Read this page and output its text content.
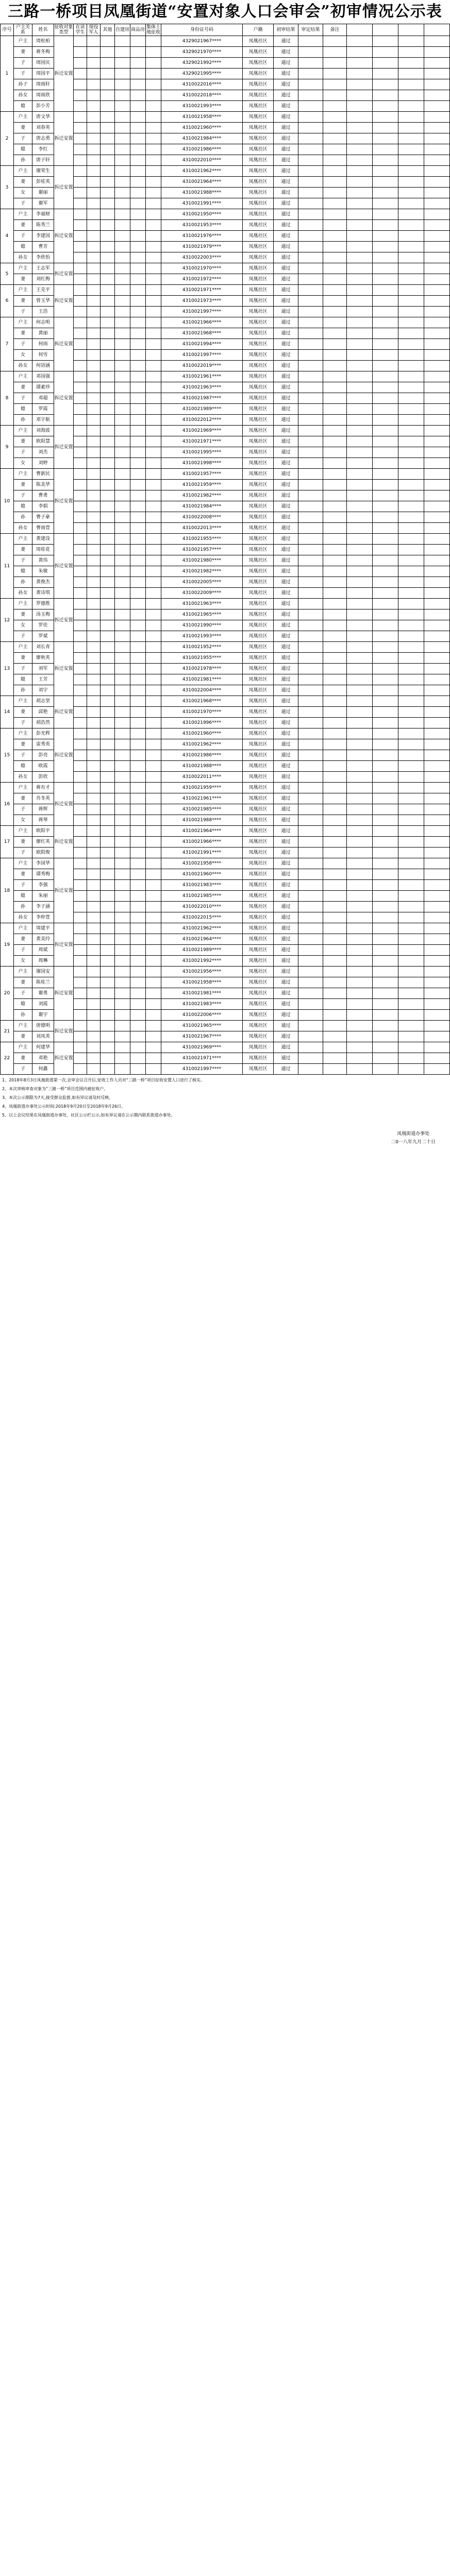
三路一桥项目凤凰街道“安置对象人口会审会”初审情况公示表
序号	户主关系	姓名	征收对象类型	在读学生	现役军人	其他	自建房	商品房	集体土地征收	身份证号码	户籍	初审结果	审定结果	备注				
1	户主	周松柏	拆迁安置							4329021967****	凤凰社区	通过						
	妻	蒋冬梅								4329021970****	凤凰社区	通过						
	子	周国庆								4329021992****	凤凰社区	通过						
	子	周国平								4329021995****	凤凰社区	通过						
	孙子	周雨轩								4310022016****	凤凰社区	通过						
	孙女	周雨欣								4310022018****	凤凰社区	通过						
	媳	彭小芳								4310021993****	凤凰社区	通过						
2	户主	唐文华	拆迁安置							4310021958****	凤凰社区	通过						
	妻	刘春英								4310021960****	凤凰社区	通过						
	子	唐志勇								4310021984****	凤凰社区	通过						
	媳	李红								4310021986****	凤凰社区	通过						
	孙	唐子轩								4310022010****	凤凰社区	通过						
3	户主	谢荣生	拆迁安置							4310021962****	凤凰社区	通过						
	妻	彭桂英								4310021964****	凤凰社区	通过						
	女	谢丽								4310021988****	凤凰社区	通过						
	子	谢军								4310021991****	凤凰社区	通过						
4	户主	李福财	拆迁安置							4310021950****	凤凰社区	通过						
	妻	陈秀兰								4310021953****	凤凰社区	通过						
	子	李建国								4310021976****	凤凰社区	通过						
	媳	曹芳								4310021979****	凤凰社区	通过						
	孙女	李欣怡								4310022003****	凤凰社区	通过						
5	户主	王志军	拆迁安置							4310021970****	凤凰社区	通过						
	妻	刘红梅								4310021972****	凤凰社区	通过						
6	户主	王克平	拆迁安置							4310021971****	凤凰社区	通过						
	妻	曾玉华								4310021973****	凤凰社区	通过						
	子	王浩								4310021997****	凤凰社区	通过						
7	户主	何志明	拆迁安置							4310021966****	凤凰社区	通过						
	妻	黄丽								4310021968****	凤凰社区	通过						
	子	何雨								4310021994****	凤凰社区	通过						
	女	何雪								4310021997****	凤凰社区	通过						
	孙女	何语涵								4310022019****	凤凰社区	通过						
8	户主	邓国强	拆迁安置							4310021961****	凤凰社区	通过						
	妻	谭素珍								4310021963****	凤凰社区	通过						
	子	邓超								4310021987****	凤凰社区	通过						
	媳	罗霞								4310021989****	凤凰社区	通过						
	孙	邓宇航								4310022012****	凤凰社区	通过						
9	户主	刘海波	拆迁安置							4310021969****	凤凰社区	通过						
	妻	欧阳慧								4310021971****	凤凰社区	通过						
	子	刘杰								4310021995****	凤凰社区	通过						
	女	刘婷								4310021998****	凤凰社区	通过						
10	户主	曹新民	拆迁安置							4310021957****	凤凰社区	通过						
	妻	陈美华								4310021959****	凤凰社区	通过						
	子	曹勇								4310021982****	凤凰社区	通过						
	媳	李娟								4310021984****	凤凰社区	通过						
	孙	曹子豪								4310022008****	凤凰社区	通过						
	孙女	曹雨萱								4310022013****	凤凰社区	通过						
11	户主	黄建设	拆迁安置							4310021955****	凤凰社区	通过						
	妻	周桂花								4310021957****	凤凰社区	通过						
	子	黄伟								4310021980****	凤凰社区	通过						
	媳	朱敏								4310021982****	凤凰社区	通过						
	孙	黄俊杰								4310022005****	凤凰社区	通过						
	孙女	黄诗琪								4310022009****	凤凰社区	通过						
12	户主	罗德胜	拆迁安置							4310021963****	凤凰社区	通过						
	妻	汤玉梅								4310021965****	凤凰社区	通过						
	女	罗佳								4310021990****	凤凰社区	通过						
	子	罗斌								4310021993****	凤凰社区	通过						
13	户主	刘长青	拆迁安置							4310021952****	凤凰社区	通过						
	妻	廖秋英								4310021955****	凤凰社区	通过						
	子	刘军								4310021978****	凤凰社区	通过						
	媳	王芳								4310021981****	凤凰社区	通过						
	孙	刘宇								4310022004****	凤凰社区	通过						
14	户主	胡志坚	拆迁安置							4310021968****	凤凰社区	通过						
	妻	邱艳								4310021970****	凤凰社区	通过						
	子	胡浩然								4310021996****	凤凰社区	通过						
15	户主	彭光辉	拆迁安置							4310021960****	凤凰社区	通过						
	妻	雷秀英								4310021962****	凤凰社区	通过						
	子	彭亮								4310021986****	凤凰社区	通过						
	媳	欧霞								4310021988****	凤凰社区	通过						
	孙女	彭欣								4310022011****	凤凰社区	通过						
16	户主	蒋有才	拆迁安置							4310021959****	凤凰社区	通过						
	妻	肖冬英								4310021961****	凤凰社区	通过						
	子	蒋辉								4310021985****	凤凰社区	通过						
	女	蒋琴								4310021988****	凤凰社区	通过						
17	户主	欧阳平	拆迁安置							4310021964****	凤凰社区	通过						
	妻	廖红英								4310021966****	凤凰社区	通过						
	子	欧阳俊								4310021991****	凤凰社区	通过						
18	户主	李国华	拆迁安置							4310021958****	凤凰社区	通过						
	妻	谭秀梅								4310021960****	凤凰社区	通过						
	子	李强								4310021983****	凤凰社区	通过						
	媳	朱丽								4310021985****	凤凰社区	通过						
	孙	李子涵								4310022010****	凤凰社区	通过						
	孙女	李梓萱								4310022015****	凤凰社区	通过						
19	户主	周建平	拆迁安置							4310021962****	凤凰社区	通过						
	妻	黄美玲								4310021964****	凤凰社区	通过						
	子	周斌								4310021989****	凤凰社区	通过						
	女	周琳								4310021992****	凤凰社区	通过						
20	户主	谢国安	拆迁安置							4310021956****	凤凰社区	通过						
	妻	陈桂兰								4310021958****	凤凰社区	通过						
	子	谢勇								4310021981****	凤凰社区	通过						
	媳	刘霞								4310021983****	凤凰社区	通过						
	孙	谢宇								4310022006****	凤凰社区	通过						
21	户主	唐德明	拆迁安置							4310021965****	凤凰社区	通过						
	妻	刘凤英								4310021967****	凤凰社区	通过						
22	户主	何建华	拆迁安置							4310021969****	凤凰社区	通过						
	妻	邓艳								4310021971****	凤凰社区	通过						
	子	何鑫								4310021997****	凤凰社区	通过						
1、2018年8月3日凤凰街道第一次,会审会议召开后,征收工作人员对“三路一桥”项目征收安置人口进行了核实。
2、本次审核审查对象为“三路一桥”项目范围内被征收户。
3、本次公示期限为7天,接受群众监督,如有异议请及时反映。
4、凤凰街道办事处公示时间:2018年9月20日至2018年9月26日。
5、以上会议结果在凤凰街道办事处、社区公示栏公示,如有异议请在公示期内联系街道办事处。
凤凰街道办事处
二0一八年九月二十日
